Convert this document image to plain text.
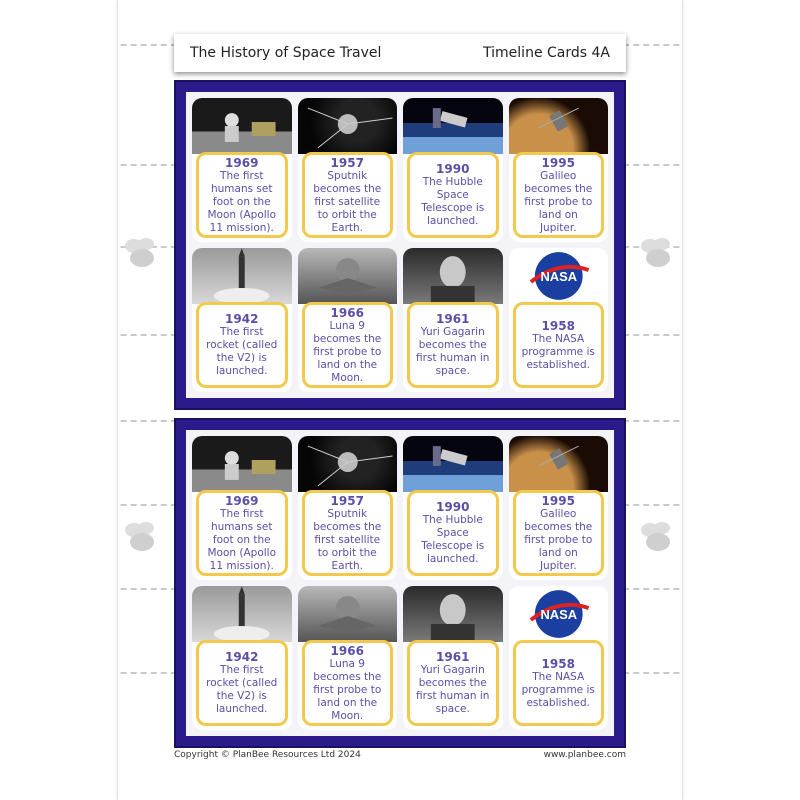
The History of Space Travel	Timeline Cards 4A
1969
The first humans set foot on the Moon (Apollo 11 mission).
1957
Sputnik becomes the first satellite to orbit the Earth.
1990
The Hubble Space Telescope is launched.
1995
Galileo becomes the first probe to land on Jupiter.
1942
The first rocket (called the V2) is launched.
1966
Luna 9 becomes the first probe to land on the Moon.
1961
Yuri Gagarin becomes the first human in space.
NASA
1958
The NASA programme is established.
1969
The first humans set foot on the Moon (Apollo 11 mission).
1957
Sputnik becomes the first satellite to orbit the Earth.
1990
The Hubble Space Telescope is launched.
1995
Galileo becomes the first probe to land on Jupiter.
1942
The first rocket (called the V2) is launched.
1966
Luna 9 becomes the first probe to land on the Moon.
1961
Yuri Gagarin becomes the first human in space.
NASA
1958
The NASA programme is established.
Copyright © PlanBee Resources Ltd 2024	www.planbee.com
